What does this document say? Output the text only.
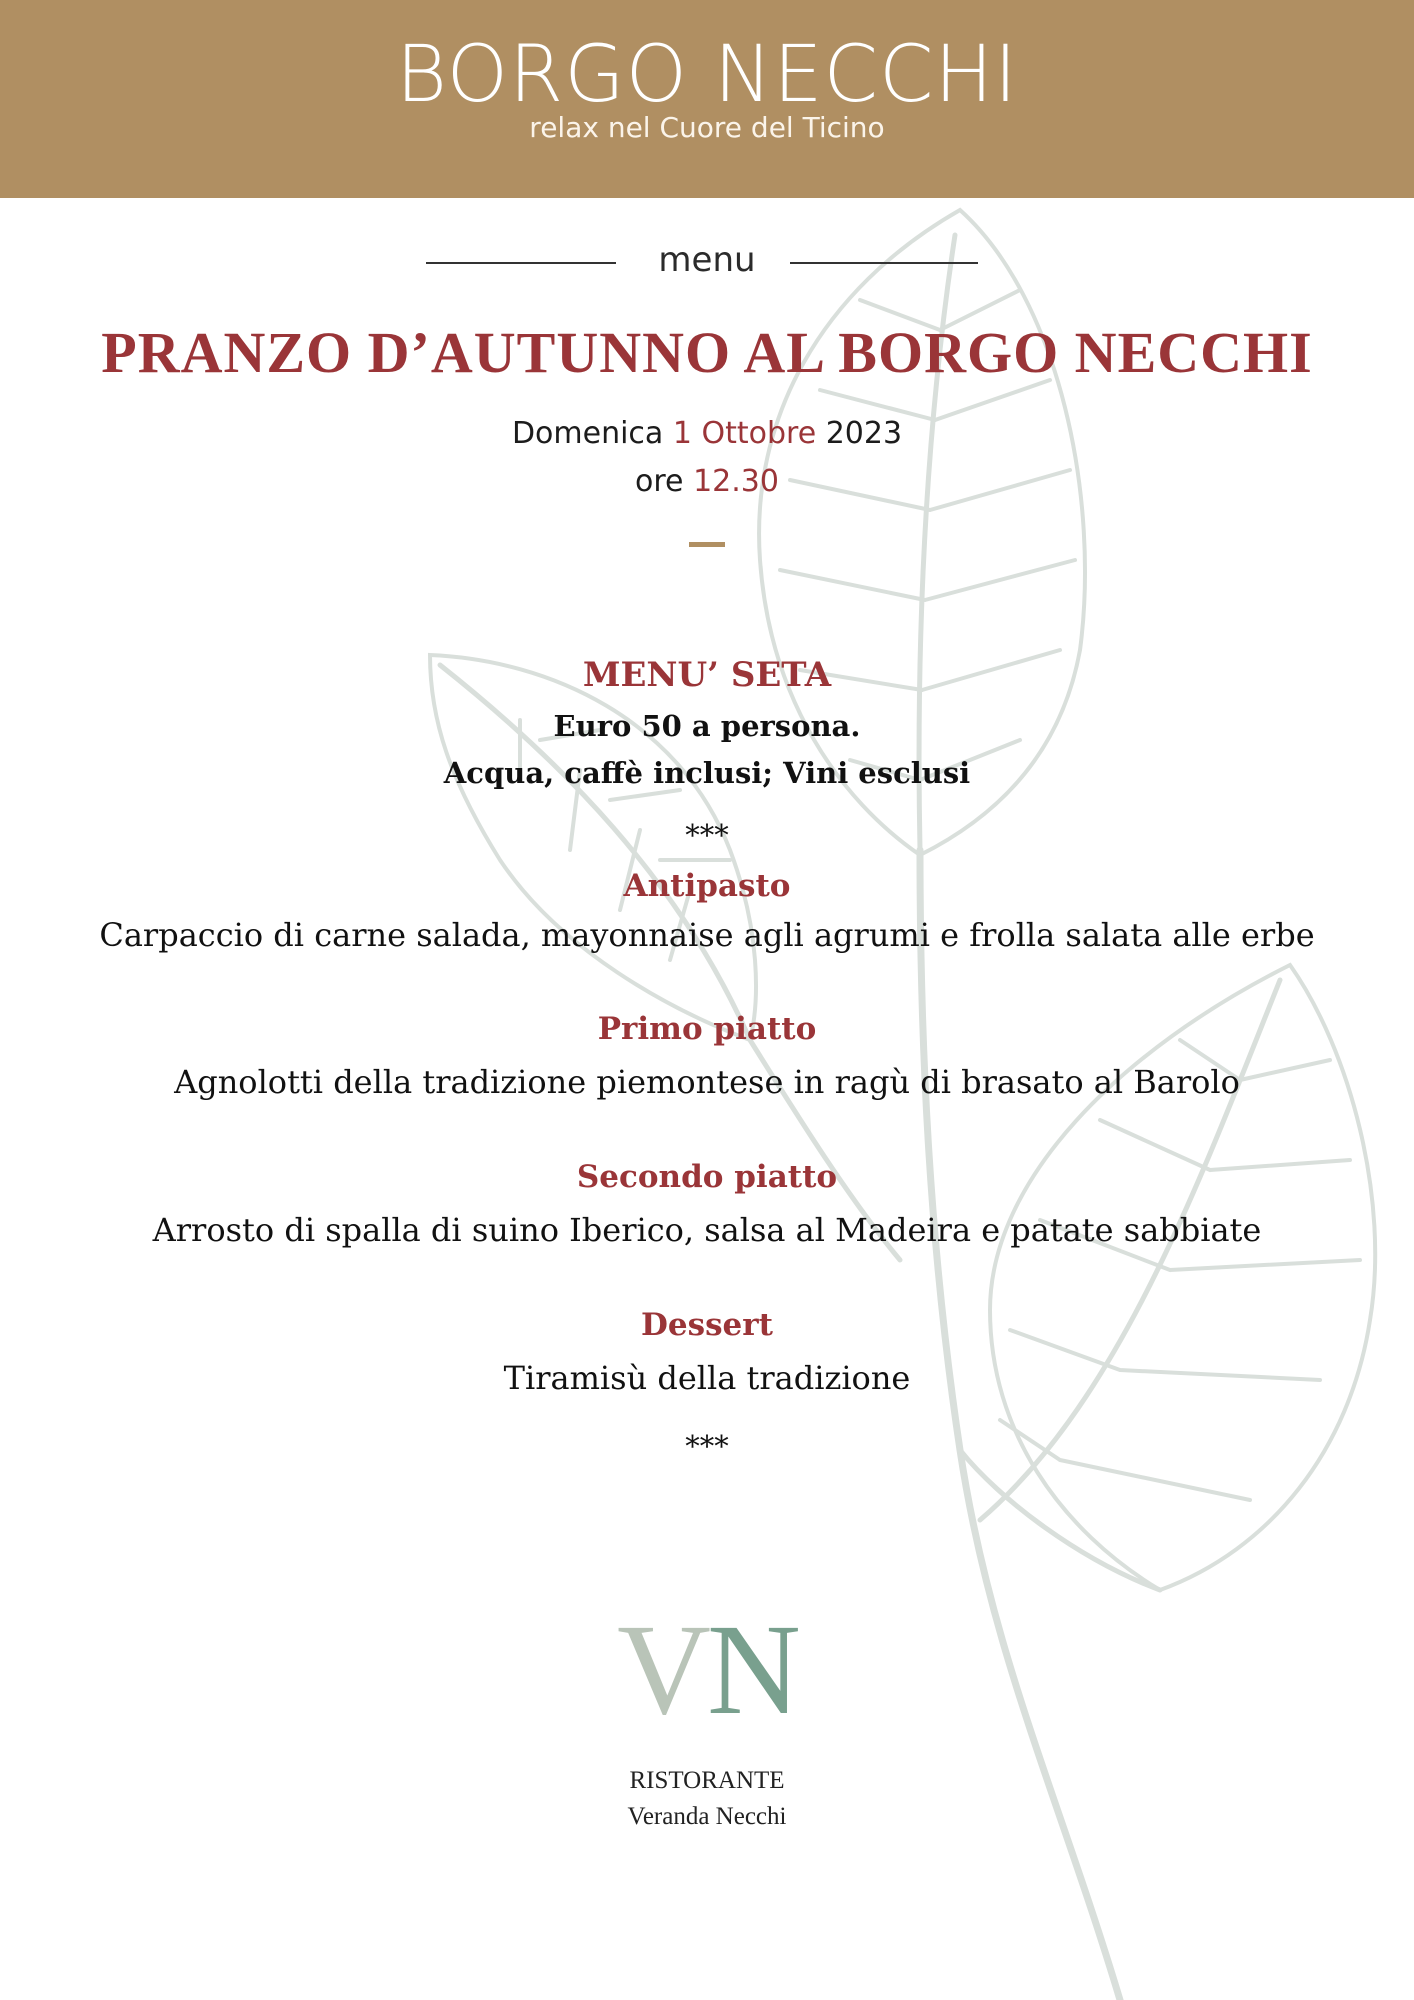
BORGO NECCHI
relax nel Cuore del Ticino
menu
PRANZO D’AUTUNNO AL BORGO NECCHI
Domenica 1 Ottobre 2023
ore 12.30
MENU’ SETA
Euro 50 a persona.
Acqua, caffè inclusi; Vini esclusi
***
Antipasto
Carpaccio di carne salada, mayonnaise agli agrumi e frolla salata alle erbe
Primo piatto
Agnolotti della tradizione piemontese in ragù di brasato al Barolo
Secondo piatto
Arrosto di spalla di suino Iberico, salsa al Madeira e patate sabbiate
Dessert
Tiramisù della tradizione
***
VN
RISTORANTE
Veranda Necchi
